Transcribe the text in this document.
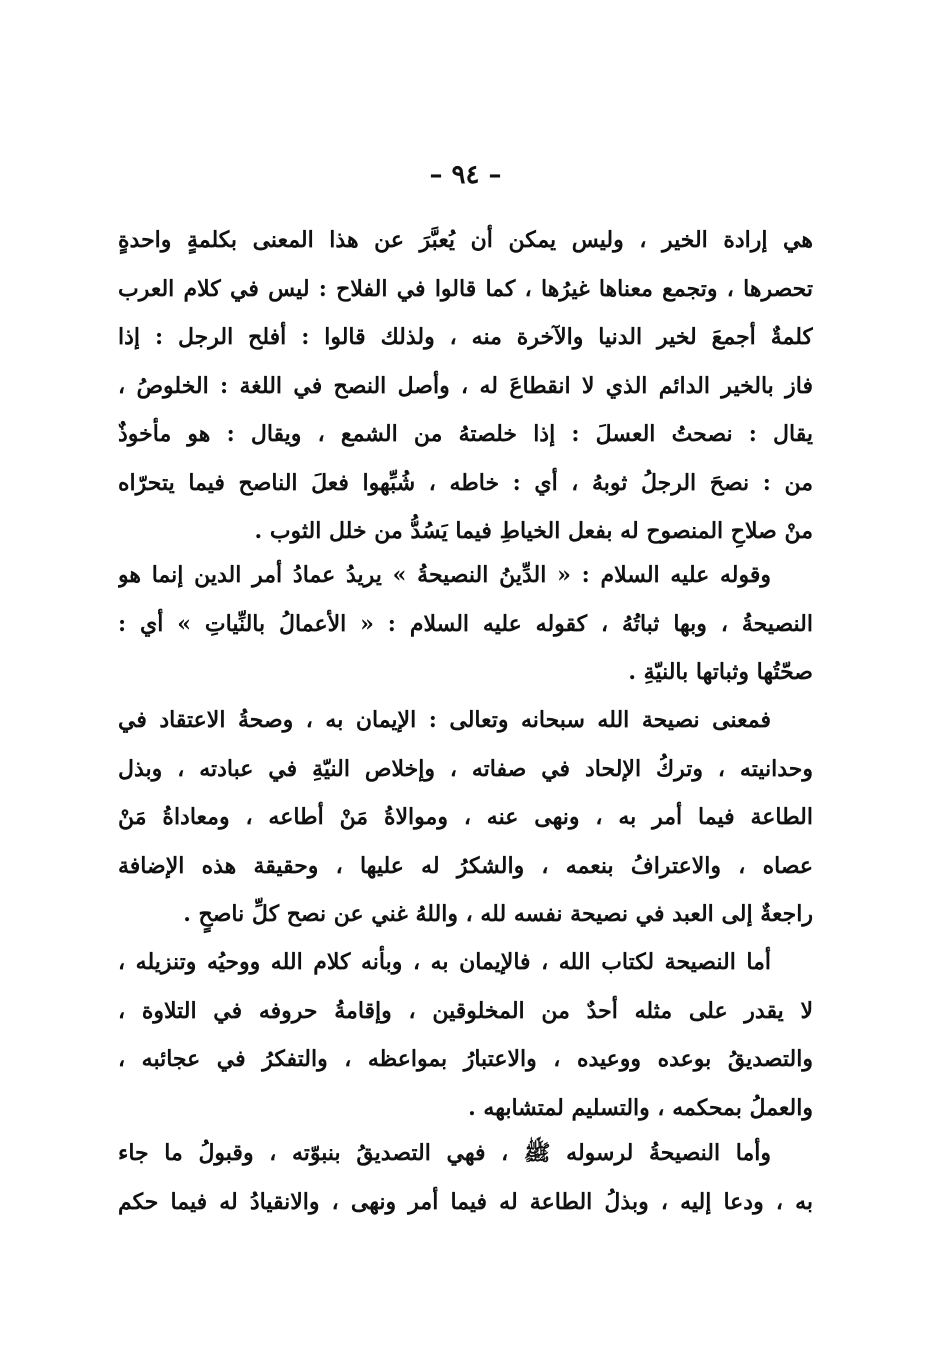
– ٩٤ –
هي إرادة الخير ، وليس يمكن أن يُعبَّرَ عن هذا المعنى بكلمةٍ واحدةٍ
تحصرها ، وتجمع معناها غيرُها ، كما قالوا في الفلاح : ليس في كلام العرب
كلمةٌ أجمعَ لخير الدنيا والآخرة منه ، ولذلك قالوا : أفلح الرجل : إذا
فاز بالخير الدائم الذي لا انقطاعَ له ، وأصل النصح في اللغة : الخلوصُ ،
يقال : نصحتُ العسلَ : إذا خلصتهُ من الشمع ، ويقال : هو مأخوذٌ
من : نصحَ الرجلُ ثوبهُ ، أي : خاطه ، شُبِّهوا فعلَ الناصح فيما يتحرّاه
منْ صلاحِ المنصوح له بفعل الخياطِ فيما يَسُدُّ من خلل الثوب .
وقوله عليه السلام : « الدِّينُ النصيحةُ » يريدُ عمادُ أمر الدين إنما هو
النصيحةُ ، وبها ثباتُهُ ، كقوله عليه السلام : « الأعمالُ بالنِّياتِ » أي :
صحّتُها وثباتها بالنيّةِ .
فمعنى نصيحة الله سبحانه وتعالى : الإيمان به ، وصحةُ الاعتقاد في
وحدانيته ، وتركُ الإلحاد في صفاته ، وإخلاص النيّةِ في عبادته ، وبذل
الطاعة فيما أمر به ، ونهى عنه ، وموالاةُ مَنْ أطاعه ، ومعاداةُ مَنْ
عصاه ، والاعترافُ بنعمه ، والشكرُ له عليها ، وحقيقة هذه الإضافة
راجعةٌ إلى العبد في نصيحة نفسه لله ، واللهُ غني عن نصح كلِّ ناصحٍ .
أما النصيحة لكتاب الله ، فالإيمان به ، وبأنه كلام الله ووحيُه وتنزيله ،
لا يقدر على مثله أحدٌ من المخلوقين ، وإقامةُ حروفه في التلاوة ،
والتصديقُ بوعده ووعيده ، والاعتبارُ بمواعظه ، والتفكرُ في عجائبه ،
والعملُ بمحكمه ، والتسليم لمتشابهه .
وأما النصيحةُ لرسوله ﷺ ، فهي التصديقُ بنبوّته ، وقبولُ ما جاء
به ، ودعا إليه ، وبذلُ الطاعة له فيما أمر ونهى ، والانقيادُ له فيما حكم
